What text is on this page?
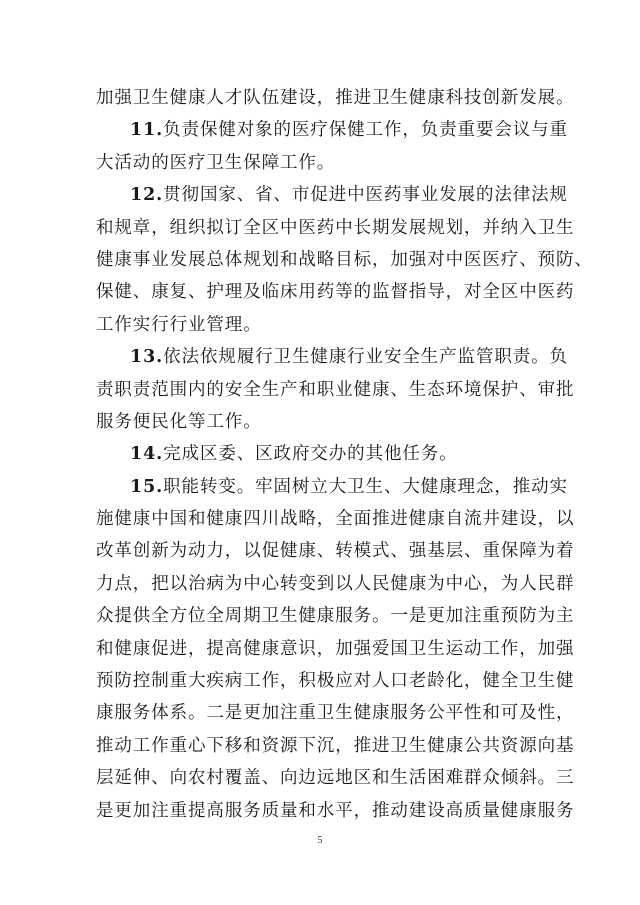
加强卫生健康人才队伍建设，推进卫生健康科技创新发展。
11.负责保健对象的医疗保健工作，负责重要会议与重
大活动的医疗卫生保障工作。
12.贯彻国家、省、市促进中医药事业发展的法律法规
和规章，组织拟订全区中医药中长期发展规划，并纳入卫生
健康事业发展总体规划和战略目标，加强对中医医疗、预防、
保健、康复、护理及临床用药等的监督指导，对全区中医药
工作实行行业管理。
13.依法依规履行卫生健康行业安全生产监管职责。负
责职责范围内的安全生产和职业健康、生态环境保护、审批
服务便民化等工作。
14.完成区委、区政府交办的其他任务。
15.职能转变。牢固树立大卫生、大健康理念，推动实
施健康中国和健康四川战略，全面推进健康自流井建设，以
改革创新为动力，以促健康、转模式、强基层、重保障为着
力点，把以治病为中心转变到以人民健康为中心，为人民群
众提供全方位全周期卫生健康服务。一是更加注重预防为主
和健康促进，提高健康意识，加强爱国卫生运动工作，加强
预防控制重大疾病工作，积极应对人口老龄化，健全卫生健
康服务体系。二是更加注重卫生健康服务公平性和可及性，
推动工作重心下移和资源下沉，推进卫生健康公共资源向基
层延伸、向农村覆盖、向边远地区和生活困难群众倾斜。三
是更加注重提高服务质量和水平，推动建设高质量健康服务
5
